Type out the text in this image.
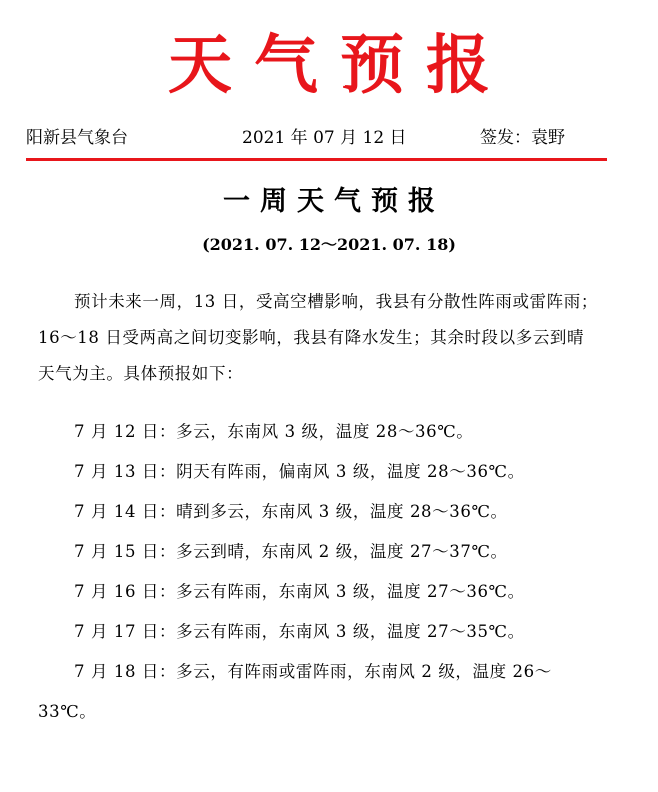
天气预报
阳新县气象台	2021 年 07 月 12 日	签发：袁野
一周天气预报
(2021. 07. 12～2021. 07. 18)

预计未来一周，13 日，受高空槽影响，我县有分散性阵雨或雷阵雨；16～18 日受两高之间切变影响，我县有降水发生；其余时段以多云到晴天气为主。具体预报如下：

7 月 12 日：多云，东南风 3 级，温度 28～36℃。
7 月 13 日：阴天有阵雨，偏南风 3 级，温度 28～36℃。
7 月 14 日：晴到多云，东南风 3 级，温度 28～36℃。
7 月 15 日：多云到晴，东南风 2 级，温度 27～37℃。
7 月 16 日：多云有阵雨，东南风 3 级，温度 27～36℃。
7 月 17 日：多云有阵雨，东南风 3 级，温度 27～35℃。
7 月 18 日：多云，有阵雨或雷阵雨，东南风 2 级，温度 26～33℃。
